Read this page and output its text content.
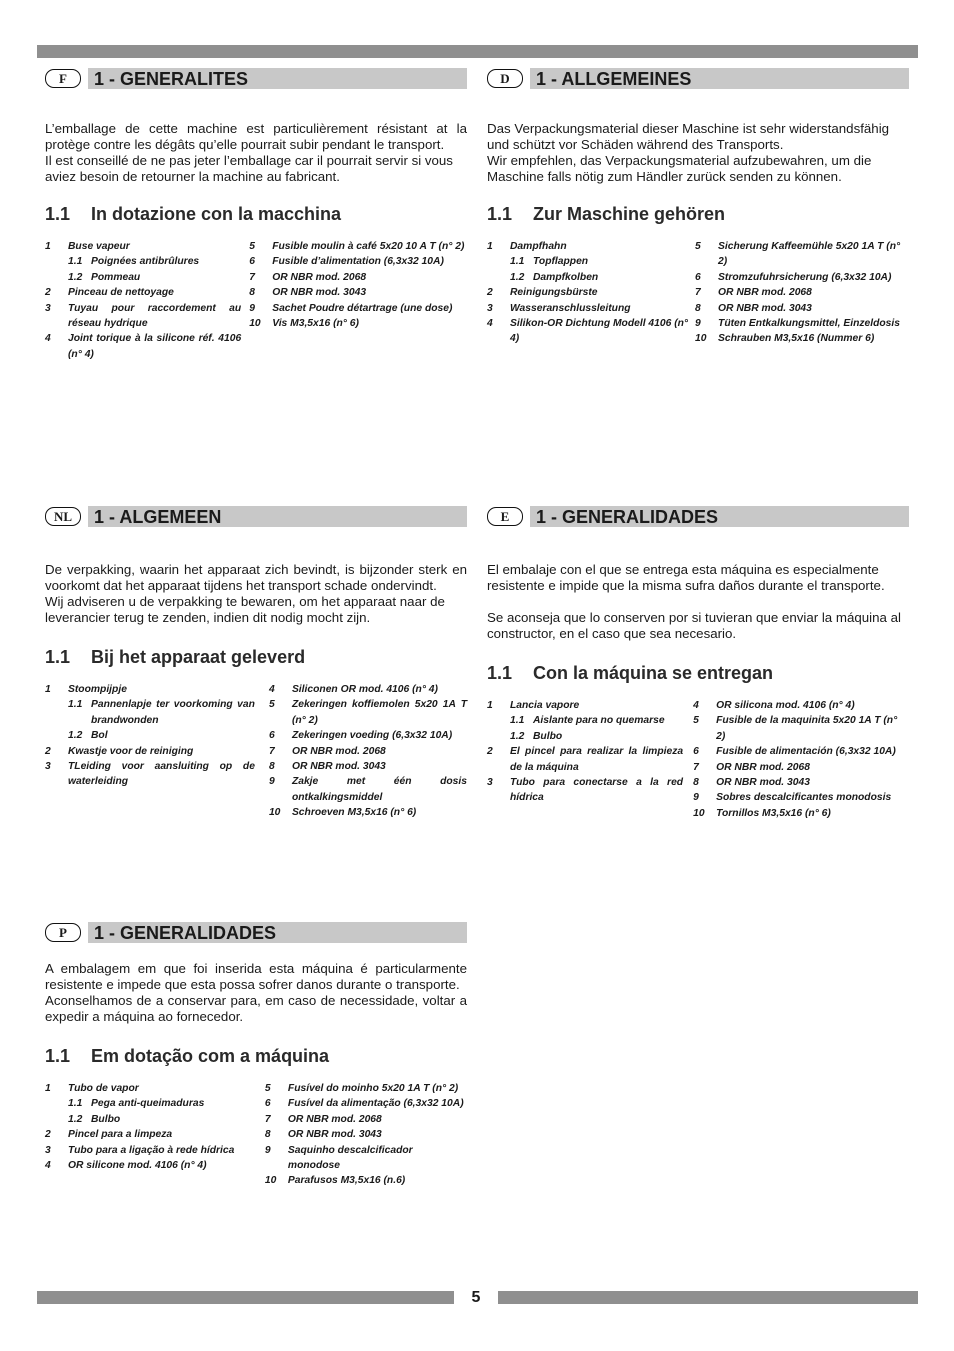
F	1 - GENERALITES

L’emballage de cette machine est particulièrement résistant at la protège contre les dégâts qu’elle pourrait subir pendant le transport.

Il est conseillé de ne pas jeter l’emballage car il pourrait servir si vous aviez besoin de retourner la machine au fabricant.

1.1 In dotazione con la macchina

1	Buse vapeur
1.1 Poignées antibrûlures
1.2 Pommeau
2	Pinceau de nettoyage
3	Tuyau pour raccordement au réseau hydrique
4	Joint torique à la silicone réf. 4106 (n° 4)
5	Fusible moulin à café 5x20 10 A T (n° 2)
6	Fusible d’alimentation (6,3x32 10A)
7	OR NBR mod. 2068
8	OR NBR mod. 3043
9	Sachet Poudre détartrage (une dose)
10	Vis M3,5x16 (n° 6)
D	1 - ALLGEMEINES

Das Verpackungsmaterial dieser Maschine ist sehr widerstandsfähig und schützt vor Schäden während des Transports.

Wir empfehlen, das Verpackungsmaterial aufzubewahren, um die Maschine falls nötig zum Händler zurück senden zu können.

1.1 Zur Maschine gehören

1	Dampfhahn
1.1 Topflappen
1.2 Dampfkolben
2	Reinigungsbürste
3	Wasseranschlussleitung
4	Silikon-OR Dichtung Modell 4106 (n° 4)
5	Sicherung Kaffeemühle 5x20 1A T (n° 2)
6	Stromzufuhrsicherung (6,3x32 10A)
7	OR NBR mod. 2068
8	OR NBR mod. 3043
9	Tüten Entkalkungsmittel, Einzeldosis
10	Schrauben M3,5x16 (Nummer 6)
NL	1 - ALGEMEEN

De verpakking, waarin het apparaat zich bevindt, is bijzonder sterk en voorkomt dat het apparaat tijdens het transport schade ondervindt.

Wij adviseren u de verpakking te bewaren, om het apparaat naar de leverancier terug te zenden, indien dit nodig mocht zijn.

1.1 Bij het apparaat geleverd

1	Stoompijpje
1.1 Pannenlapje ter voorkoming van brandwonden
1.2 Bol
2	Kwastje voor de reiniging
3	TLeiding voor aansluiting op de waterleiding
4	Siliconen OR mod. 4106 (n° 4)
5	Zekeringen koffiemolen 5x20 1A T (n° 2)
6	Zekeringen voeding (6,3x32 10A)
7	OR NBR mod. 2068
8	OR NBR mod. 3043
9	Zakje met één dosis ontkalkingsmiddel
10	Schroeven M3,5x16 (n° 6)
E	1 - GENERALIDADES

El embalaje con el que se entrega esta máquina es especialmente resistente e impide que la misma sufra daños durante el transporte.

Se aconseja que lo conserven por si tuvieran que enviar la máquina al constructor, en el caso que sea necesario.

1.1 Con la máquina se entregan

1	Lancia vapore
1.1 Aislante para no quemarse
1.2 Bulbo
2	El pincel para realizar la limpieza de la máquina
3	Tubo para conectarse a la red hídrica
4	OR silicona mod. 4106 (n° 4)
5	Fusible de la maquinita 5x20 1A T (n° 2)
6	Fusible de alimentación (6,3x32 10A)
7	OR NBR mod. 2068
8	OR NBR mod. 3043
9	Sobres descalcificantes monodosis
10	Tornillos M3,5x16 (n° 6)
P	1 - GENERALIDADES

A embalagem em que foi inserida esta máquina é particularmente resistente e impede que esta possa sofrer danos durante o transporte.

Aconselhamos de a conservar para, em caso de necessidade, voltar a expedir a máquina ao fornecedor.

1.1 Em dotação com a máquina

1	Tubo de vapor
1.1 Pega anti-queimaduras
1.2 Bulbo
2	Pincel para a limpeza
3	Tubo para a ligação à rede hídrica
4	OR silicone mod. 4106 (n° 4)
5	Fusível do moinho 5x20 1A T (n° 2)
6	Fusível da alimentação (6,3x32 10A)
7	OR NBR mod. 2068
8	OR NBR mod. 3043
9	Saquinho descalcificador monodose
10	Parafusos M3,5x16 (n.6)
5
